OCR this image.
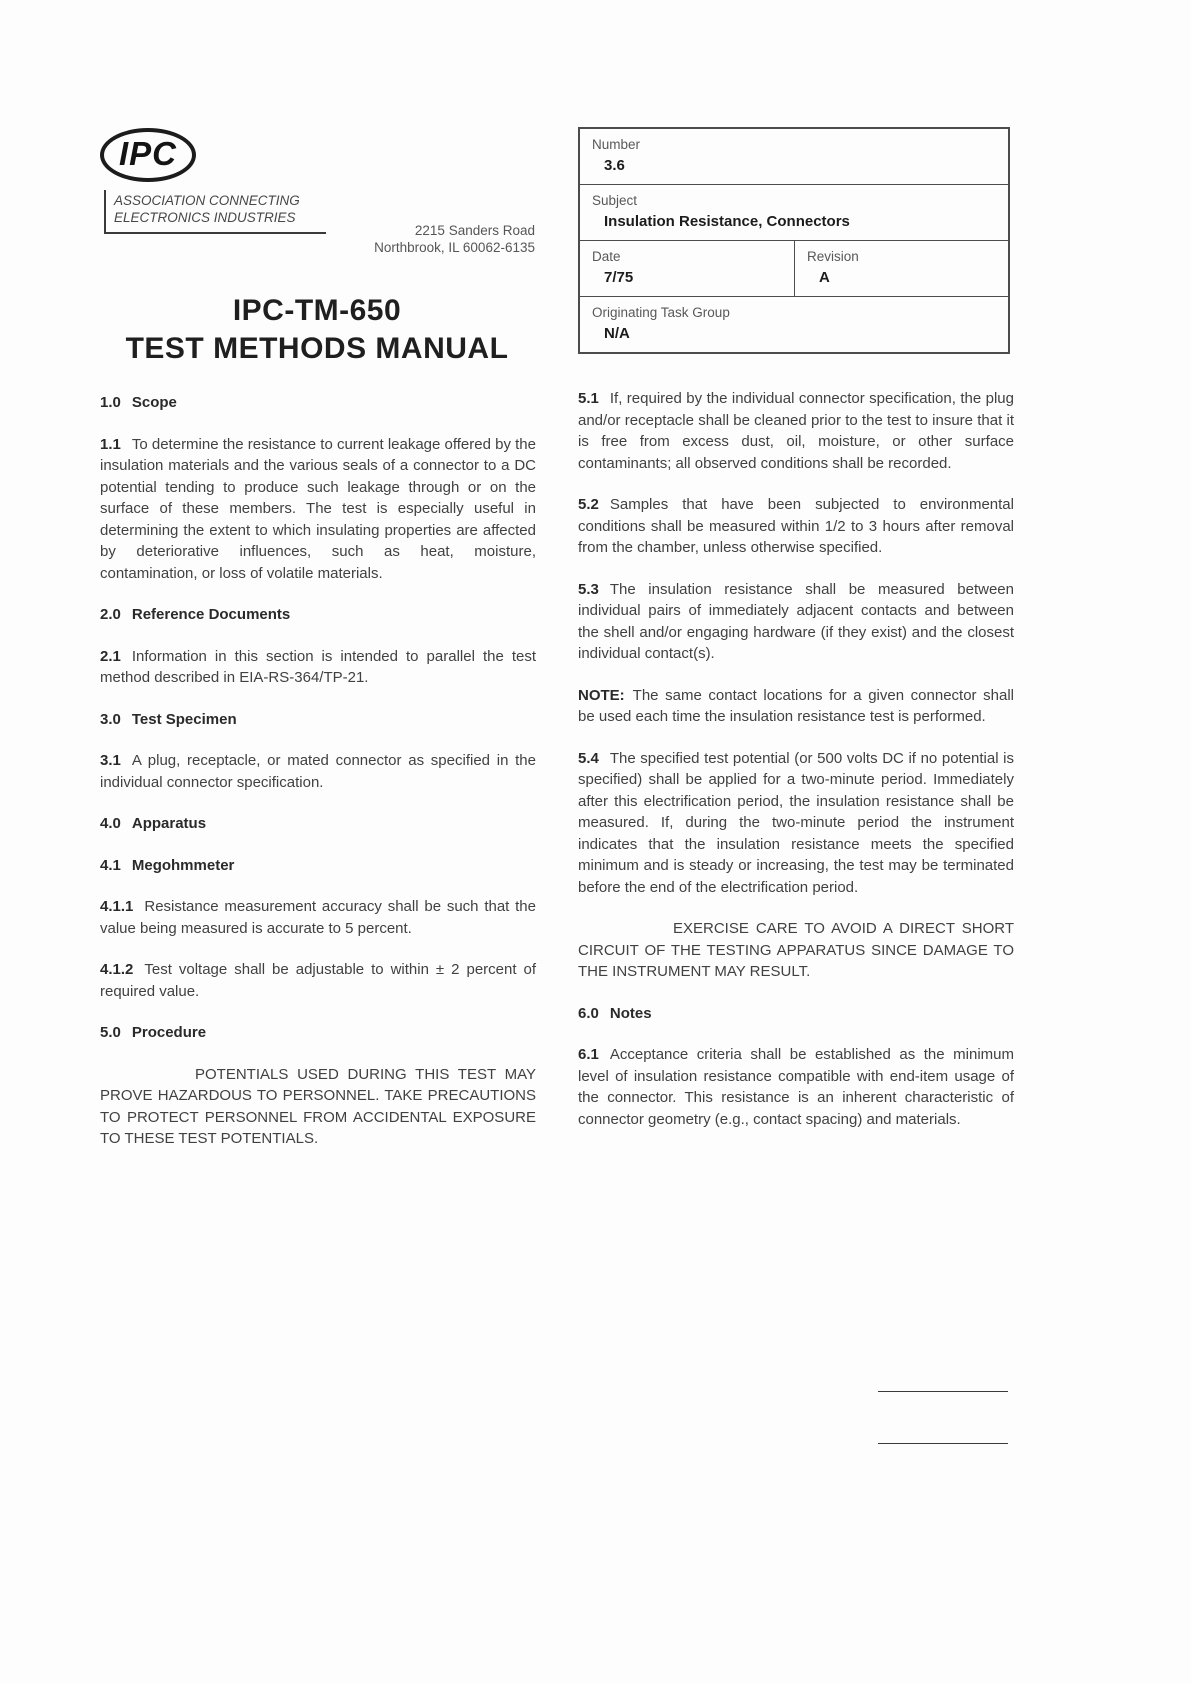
IPC
ASSOCIATION CONNECTING
ELECTRONICS INDUSTRIES
2215 Sanders Road
Northbrook, IL 60062-6135
IPC-TM-650
TEST METHODS MANUAL
Number
3.6
Subject
Insulation Resistance, Connectors
Date
7/75
Revision
A
Originating Task Group
N/A
1.0 Scope
1.1 To determine the resistance to current leakage offered by the insulation materials and the various seals of a connector to a DC potential tending to produce such leakage through or on the surface of these members. The test is especially useful in determining the extent to which insulating properties are affected by deteriorative influences, such as heat, moisture, contamination, or loss of volatile materials.
2.0 Reference Documents
2.1 Information in this section is intended to parallel the test method described in EIA-RS-364/TP-21.
3.0 Test Specimen
3.1 A plug, receptacle, or mated connector as specified in the individual connector specification.
4.0 Apparatus
4.1 Megohmmeter
4.1.1 Resistance measurement accuracy shall be such that the value being measured is accurate to 5 percent.
4.1.2 Test voltage shall be adjustable to within ± 2 percent of required value.
5.0 Procedure
POTENTIALS USED DURING THIS TEST MAY PROVE HAZARDOUS TO PERSONNEL. TAKE PRECAUTIONS TO PROTECT PERSONNEL FROM ACCIDENTAL EXPOSURE TO THESE TEST POTENTIALS.
5.1 If, required by the individual connector specification, the plug and/or receptacle shall be cleaned prior to the test to insure that it is free from excess dust, oil, moisture, or other surface contaminants; all observed conditions shall be recorded.
5.2 Samples that have been subjected to environmental conditions shall be measured within 1/2 to 3 hours after removal from the chamber, unless otherwise specified.
5.3 The insulation resistance shall be measured between individual pairs of immediately adjacent contacts and between the shell and/or engaging hardware (if they exist) and the closest individual contact(s).
NOTE: The same contact locations for a given connector shall be used each time the insulation resistance test is performed.
5.4 The specified test potential (or 500 volts DC if no potential is specified) shall be applied for a two-minute period. Immediately after this electrification period, the insulation resistance shall be measured. If, during the two-minute period the instrument indicates that the insulation resistance meets the specified minimum and is steady or increasing, the test may be terminated before the end of the electrification period.
EXERCISE CARE TO AVOID A DIRECT SHORT CIRCUIT OF THE TESTING APPARATUS SINCE DAMAGE TO THE INSTRUMENT MAY RESULT.
6.0 Notes
6.1 Acceptance criteria shall be established as the minimum level of insulation resistance compatible with end-item usage of the connector. This resistance is an inherent characteristic of connector geometry (e.g., contact spacing) and materials.
